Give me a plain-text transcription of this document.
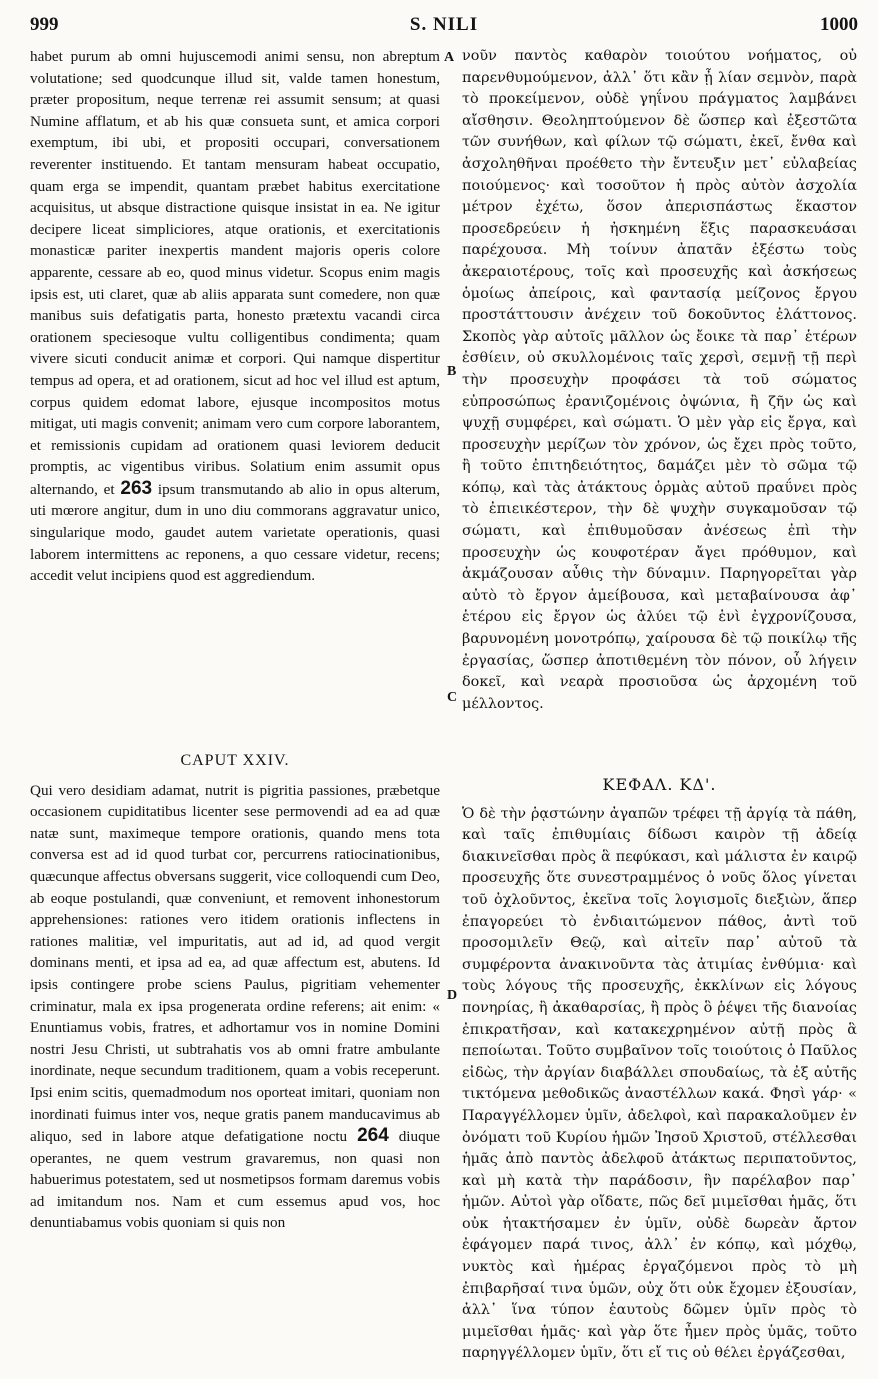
999	S. NILI	1000

habet purum ab omni hujuscemodi animi sensu, non abreptum volutatione; sed quodcunque illud sit, valde tamen honestum, præter propositum, neque terrenæ rei assumit sensum; at quasi Numine afflatum, et ab his quæ consueta sunt, et amica corpori exemptum, ibi ubi, et propositi occupari, conversationem reverenter instituendo. Et tantam mensuram habeat occupatio, quam erga se impendit, quantam præbet habitus exercitatione acquisitus, ut absque distractione quisque insistat in ea. Ne igitur decipere liceat simpliciores, atque orationis, et exercitationis monasticæ pariter inexpertis mandent majoris operis colore apparente, cessare ab eo, quod minus videtur. Scopus enim magis ipsis est, uti claret, quæ ab aliis apparata sunt comedere, non quæ manibus suis defatigatis parta, honesto prætextu vacandi circa orationem speciesoque vultu colligentibus condimenta; quam vivere sicuti conducit animæ et corpori. Qui namque dispertitur tempus ad opera, et ad orationem, sicut ad hoc vel illud est aptum, corpus quidem edomat labore, ejusque incompositos motus mitigat, uti magis convenit; animam vero cum corpore laborantem, et remissionis cupidam ad orationem quasi leviorem deducit promptis, ac vigentibus viribus. Solatium enim assumit opus alternando, et 263 ipsum transmutando ab alio in opus alterum, uti mœrore angitur, dum in uno diu commorans aggravatur unico, singularique modo, gaudet autem varietate operationis, quasi laborem intermittens ac reponens, a quo cessare videtur, recens; accedit velut incipiens quod est aggrediendum.

CAPUT XXIV.

Qui vero desidiam adamat, nutrit is pigritia passiones, præbetque occasionem cupiditatibus licenter sese permovendi ad ea ad quæ natæ sunt, maximeque tempore orationis, quando mens tota conversa est ad id quod turbat cor, percurrens ratiocinationibus, quæcunque affectus obversans suggerit, vice colloquendi cum Deo, ab eoque postulandi, quæ conveniunt, et removent inhonestorum apprehensiones: rationes vero itidem orationis inflectens in rationes malitiæ, vel impuritatis, aut ad id, ad quod vergit dominans menti, et ipsa ad ea, ad quæ affectum est, abutens. Id ipsis contingere probe sciens Paulus, pigritiam vehementer criminatur, mala ex ipsa progenerata ordine referens; ait enim: « Enuntiamus vobis, fratres, et adhortamur vos in nomine Domini nostri Jesu Christi, ut subtrahatis vos ab omni fratre ambulante inordinate, neque secundum traditionem, quam a vobis receperunt. Ipsi enim scitis, quemadmodum nos oporteat imitari, quoniam non inordinati fuimus inter vos, neque gratis panem manducavimus ab aliquo, sed in labore atque defatigatione noctu 264 diuque operantes, ne quem vestrum gravaremus, non quasi non habuerimus potestatem, sed ut nosmetipsos formam daremus vobis ad imitandum nos. Nam et cum essemus apud vos, hoc denuntiabamus vobis quoniam si quis non

A
B
C
D

νοῦν παντὸς καθαρὸν τοιούτου νοήματος, οὐ παρενθυμούμενον, ἀλλ᾽ ὅτι κἂν ᾖ λίαν σεμνὸν, παρὰ τὸ προκείμενον, οὐδὲ γηΐνου πράγματος λαμβάνει αἴσθησιν. Θεοληπτούμενον δὲ ὥσπερ καὶ ἐξεστῶτα τῶν συνήθων, καὶ φίλων τῷ σώματι, ἐκεῖ, ἔνθα καὶ ἀσχοληθῆναι προέθετο τὴν ἔντευξιν μετ᾽ εὐλαβείας ποιούμενος· καὶ τοσοῦτον ἡ πρὸς αὐτὸν ἀσχολία μέτρον ἐχέτω, ὅσον ἀπερισπάστως ἕκαστον προσεδρεύειν ἡ ἠσκημένη ἕξις παρασκευάσαι παρέχουσα. Μὴ τοίνυν ἀπατᾶν ἐξέστω τοὺς ἀκεραιοτέρους, τοῖς καὶ προσευχῆς καὶ ἀσκήσεως ὁμοίως ἀπείροις, καὶ φαντασίᾳ μείζονος ἔργου προστάττουσιν ἀνέχειν τοῦ δοκοῦντος ἐλάττονος. Σκοπὸς γὰρ αὐτοῖς μᾶλλον ὡς ἔοικε τὰ παρ᾽ ἑτέρων ἐσθίειν, οὐ σκυλλομένοις ταῖς χερσὶ, σεμνῇ τῇ περὶ τὴν προσευχὴν προφάσει τὰ τοῦ σώματος εὐπροσώπως ἐρανιζομένοις ὀψώνια, ἢ ζῆν ὡς καὶ ψυχῇ συμφέρει, καὶ σώματι. Ὁ μὲν γὰρ εἰς ἔργα, καὶ προσευχὴν μερίζων τὸν χρόνον, ὡς ἔχει πρὸς τοῦτο, ἢ τοῦτο ἐπιτηδειότητος, δαμάζει μὲν τὸ σῶμα τῷ κόπῳ, καὶ τὰς ἀτάκτους ὁρμὰς αὐτοῦ πραΰνει πρὸς τὸ ἐπιεικέστερον, τὴν δὲ ψυχὴν συγκαμοῦσαν τῷ σώματι, καὶ ἐπιθυμοῦσαν ἀνέσεως ἐπὶ τὴν προσευχὴν ὡς κουφοτέραν ἄγει πρόθυμον, καὶ ἀκμάζουσαν αὖθις τὴν δύναμιν. Παρηγορεῖται γὰρ αὐτὸ τὸ ἔργον ἀμείβουσα, καὶ μεταβαίνουσα ἀφ᾽ ἑτέρου εἰς ἔργον ὡς ἀλύει τῷ ἑνὶ ἐγχρονίζουσα, βαρυνομένη μονοτρόπῳ, χαίρουσα δὲ τῷ ποικίλῳ τῆς ἐργασίας, ὥσπερ ἀποτιθεμένη τὸν πόνον, οὗ λήγειν δοκεῖ, καὶ νεαρὰ προσιοῦσα ὡς ἀρχομένη τοῦ μέλλοντος.

ΚΕΦΑΛ. ΚΔ'.

Ὁ δὲ τὴν ῥᾳστώνην ἀγαπῶν τρέφει τῇ ἀργίᾳ τὰ πάθη, καὶ ταῖς ἐπιθυμίαις δίδωσι καιρὸν τῇ ἀδείᾳ διακινεῖσθαι πρὸς ἃ πεφύκασι, καὶ μάλιστα ἐν καιρῷ προσευχῆς ὅτε συνεστραμμένος ὁ νοῦς ὅλος γίνεται τοῦ ὀχλοῦντος, ἐκεῖνα τοῖς λογισμοῖς διεξιὼν, ἅπερ ἐπαγορεύει τὸ ἐνδιαιτώμενον πάθος, ἀντὶ τοῦ προσομιλεῖν Θεῷ, καὶ αἰτεῖν παρ᾽ αὐτοῦ τὰ συμφέροντα ἀνακινοῦντα τὰς ἀτιμίας ἐνθύμια· καὶ τοὺς λόγους τῆς προσευχῆς, ἐκκλίνων εἰς λόγους πονηρίας, ἢ ἀκαθαρσίας, ἢ πρὸς ὃ ῥέψει τῆς διανοίας ἐπικρατῆσαν, καὶ κατακεχρημένον αὐτῇ πρὸς ἃ πεποίωται. Τοῦτο συμβαῖνον τοῖς τοιούτοις ὁ Παῦλος εἰδὼς, τὴν ἀργίαν διαβάλλει σπουδαίως, τὰ ἐξ αὐτῆς τικτόμενα μεθοδικῶς ἀναστέλλων κακά. Φησὶ γάρ· « Παραγγέλλομεν ὑμῖν, ἀδελφοὶ, καὶ παρακαλοῦμεν ἐν ὀνόματι τοῦ Κυρίου ἡμῶν Ἰησοῦ Χριστοῦ, στέλλεσθαι ἡμᾶς ἀπὸ παντὸς ἀδελφοῦ ἀτάκτως περιπατοῦντος, καὶ μὴ κατὰ τὴν παράδοσιν, ἣν παρέλαβον παρ᾽ ἡμῶν. Αὐτοὶ γὰρ οἴδατε, πῶς δεῖ μιμεῖσθαι ἡμᾶς, ὅτι οὐκ ἠτακτήσαμεν ἐν ὑμῖν, οὐδὲ δωρεὰν ἄρτον ἐφάγομεν παρά τινος, ἀλλ᾽ ἐν κόπῳ, καὶ μόχθῳ, νυκτὸς καὶ ἡμέρας ἐργαζόμενοι πρὸς τὸ μὴ ἐπιβαρῆσαί τινα ὑμῶν, οὐχ ὅτι οὐκ ἔχομεν ἐξουσίαν, ἀλλ᾽ ἵνα τύπον ἑαυτοὺς δῶμεν ὑμῖν πρὸς τὸ μιμεῖσθαι ἡμᾶς· καὶ γὰρ ὅτε ἦμεν πρὸς ὑμᾶς, τοῦτο παρηγγέλλομεν ὑμῖν, ὅτι εἴ τις οὐ θέλει ἐργάζεσθαι,
